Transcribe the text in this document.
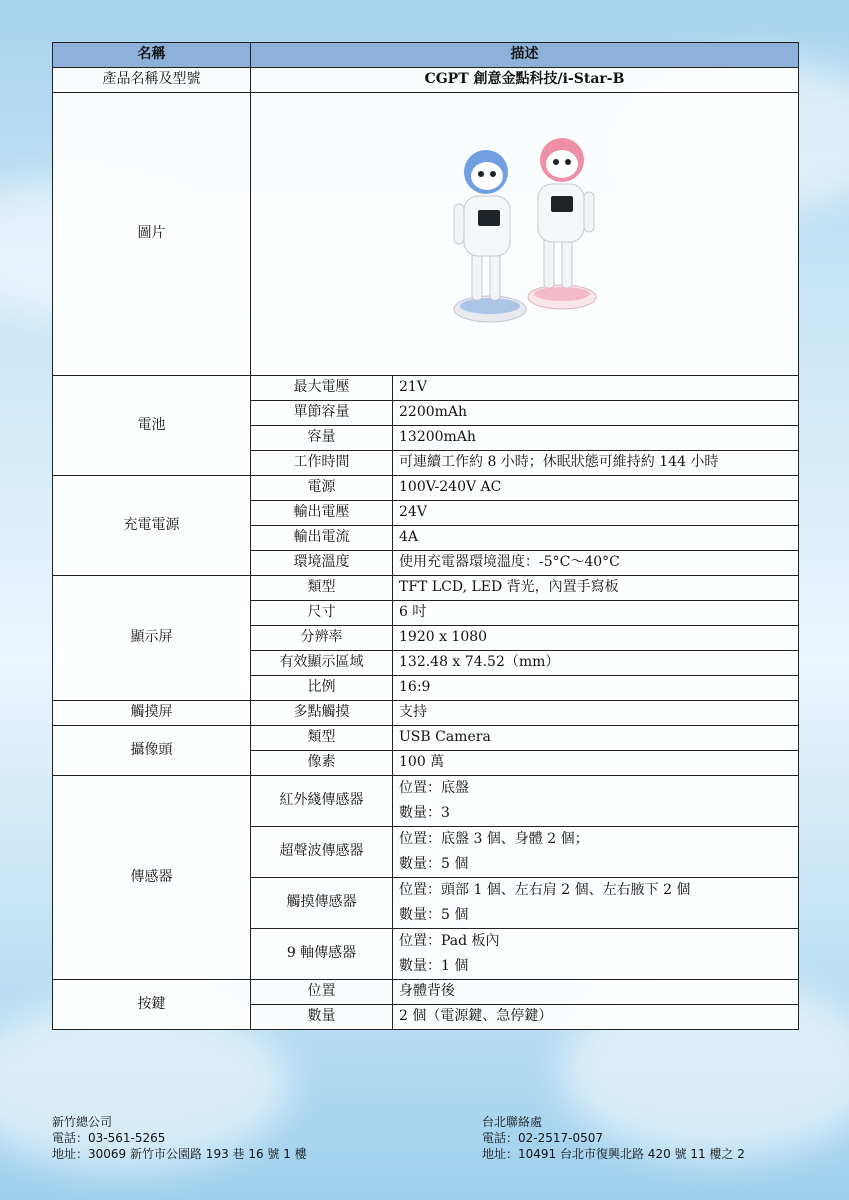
名稱	描述	
產品名稱及型號	CGPT 創意金點科技/i-Star-B	
圖片	

電池	最大電壓	21V
	單節容量	2200mAh
	容量	13200mAh
	工作時間	可連續工作約 8 小時；休眠狀態可維持約 144 小時
充電電源	電源	100V-240V AC
	輸出電壓	24V
	輸出電流	4A
	環境溫度	使用充電器環境溫度：-5°C～40°C
顯示屏	類型	TFT LCD, LED 背光，內置手寫板
	尺寸	6 吋
	分辨率	1920 x 1080
	有效顯示區域	132.48 x 74.52（mm）
	比例	16:9
觸摸屏	多點觸摸	支持
攝像頭	類型	USB Camera
	像素	100 萬
傳感器	紅外綫傳感器	位置：底盤
數量：3

	超聲波傳感器	位置：底盤 3 個、身體 2 個；
數量：5 個

	觸摸傳感器	位置：頭部 1 個、左右肩 2 個、左右腋下 2 個
數量：5 個

	9 軸傳感器	位置：Pad 板內
數量：1 個

按鍵	位置	身體背後
	數量	2 個（電源鍵、急停鍵）
新竹總公司
電話：03-561-5265
地址：30069 新竹市公園路 193 巷 16 號 1 樓
台北聯絡處
電話：02-2517-0507
地址：10491 台北市復興北路 420 號 11 樓之 2
